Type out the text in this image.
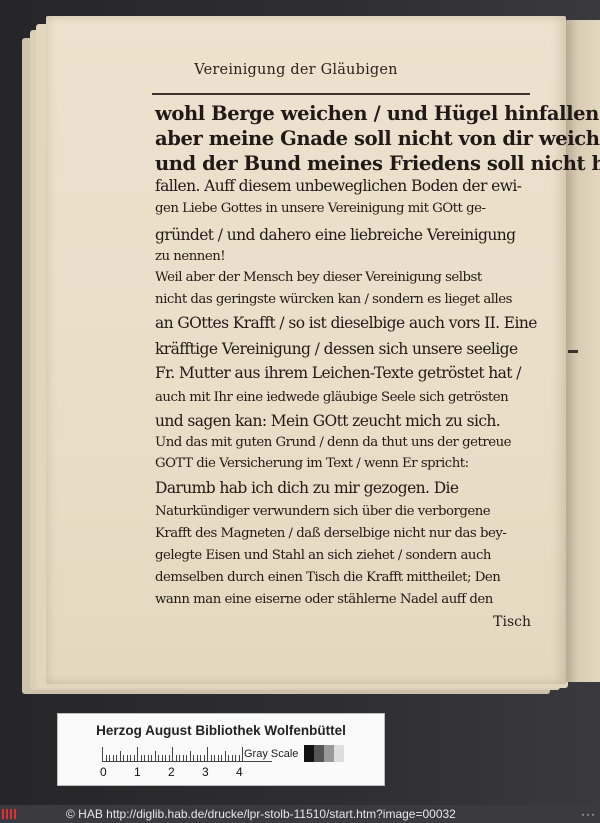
Vereinigung der Gläubigen
Tisch
Herzog August Bibliothek Wolfenbüttel
0 1 2 3 4
Gray Scale
© HAB http://diglib.hab.de/drucke/lpr-stolb-11510/start.htm?image=00032	···
